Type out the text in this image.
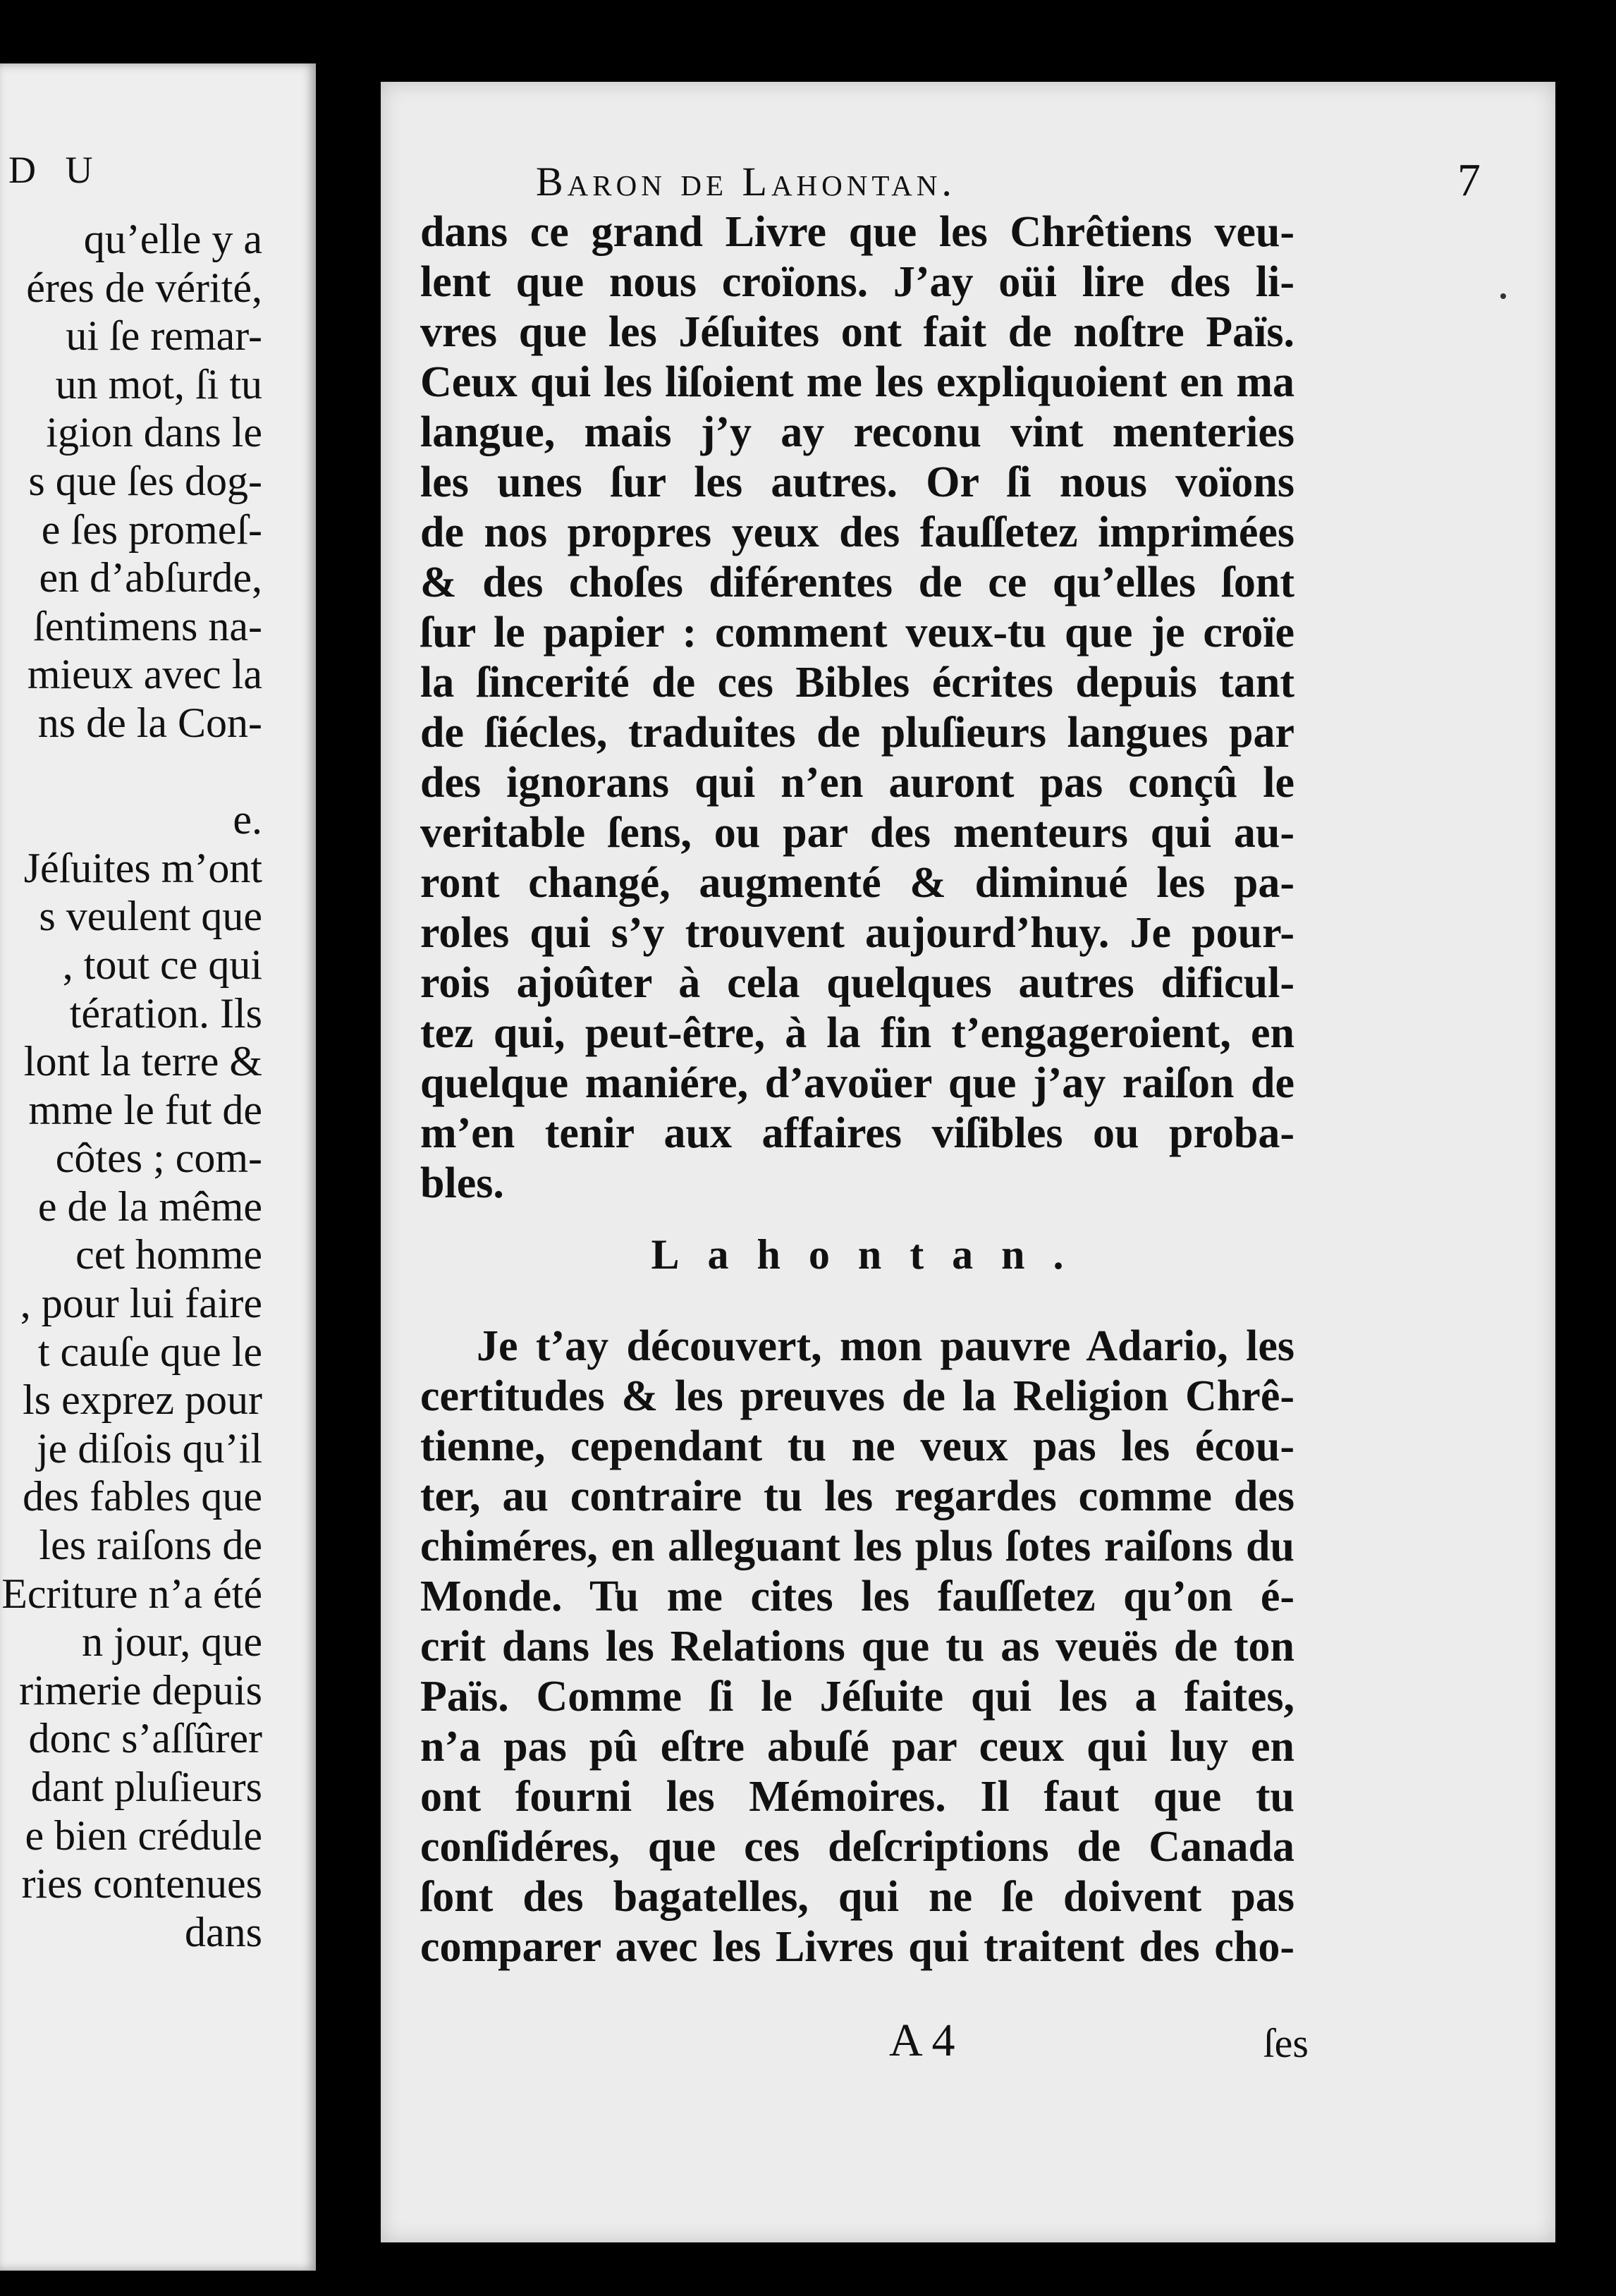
D U
qu’elle y a
éres de vérité,
ui ſe remar-
un mot, ſi tu
igion dans le
s que ſes dog-
e ſes promeſ-
en d’abſurde,
ſentimens na-
mieux avec la
ns de la Con-
e.
Jéſuites m’ont
s veulent que
, tout ce qui
tération. Ils
lont la terre &
mme le fut de
côtes ; com-
e de la même
cet homme
, pour lui faire
t cauſe que le
ls exprez pour
je diſois qu’il
des fables que
les raiſons de
Ecriture n’a été
n jour, que
rimerie depuis
donc s’aſſûrer
dant pluſieurs
e bien crédule
ries contenues
dans
Baron de Lahontan.	7
dans ce grand Livre que les Chrêtiens veu-
lent que nous croïons. J’ay oüi lire des li-
vres que les Jéſuites ont fait de noſtre Païs.
Ceux qui les liſoient me les expliquoient en ma
langue, mais j’y ay reconu vint menteries
les unes ſur les autres. Or ſi nous voïons
de nos propres yeux des fauſſetez imprimées
& des choſes diférentes de ce qu’elles ſont
ſur le papier : comment veux-tu que je croïe
la ſincerité de ces Bibles écrites depuis tant
de ſiécles, traduites de pluſieurs langues par
des ignorans qui n’en auront pas conçû le
veritable ſens, ou par des menteurs qui au-
ront changé, augmenté & diminué les pa-
roles qui s’y trouvent aujourd’huy. Je pour-
rois ajoûter à cela quelques autres dificul-
tez qui, peut-être, à la fin t’engageroient, en
quelque maniére, d’avoüer que j’ay raiſon de
m’en tenir aux affaires viſibles ou proba-
bles.
Lahontan.
Je t’ay découvert, mon pauvre Adario, les
certitudes & les preuves de la Religion Chrê-
tienne, cependant tu ne veux pas les écou-
ter, au contraire tu les regardes comme des
chiméres, en alleguant les plus ſotes raiſons du
Monde. Tu me cites les fauſſetez qu’on é-
crit dans les Relations que tu as veuës de ton
Païs. Comme ſi le Jéſuite qui les a faites,
n’a pas pû eſtre abuſé par ceux qui luy en
ont fourni les Mémoires. Il faut que tu
conſidéres, que ces deſcriptions de Canada
ſont des bagatelles, qui ne ſe doivent pas
comparer avec les Livres qui traitent des cho-
A 4	ſes
